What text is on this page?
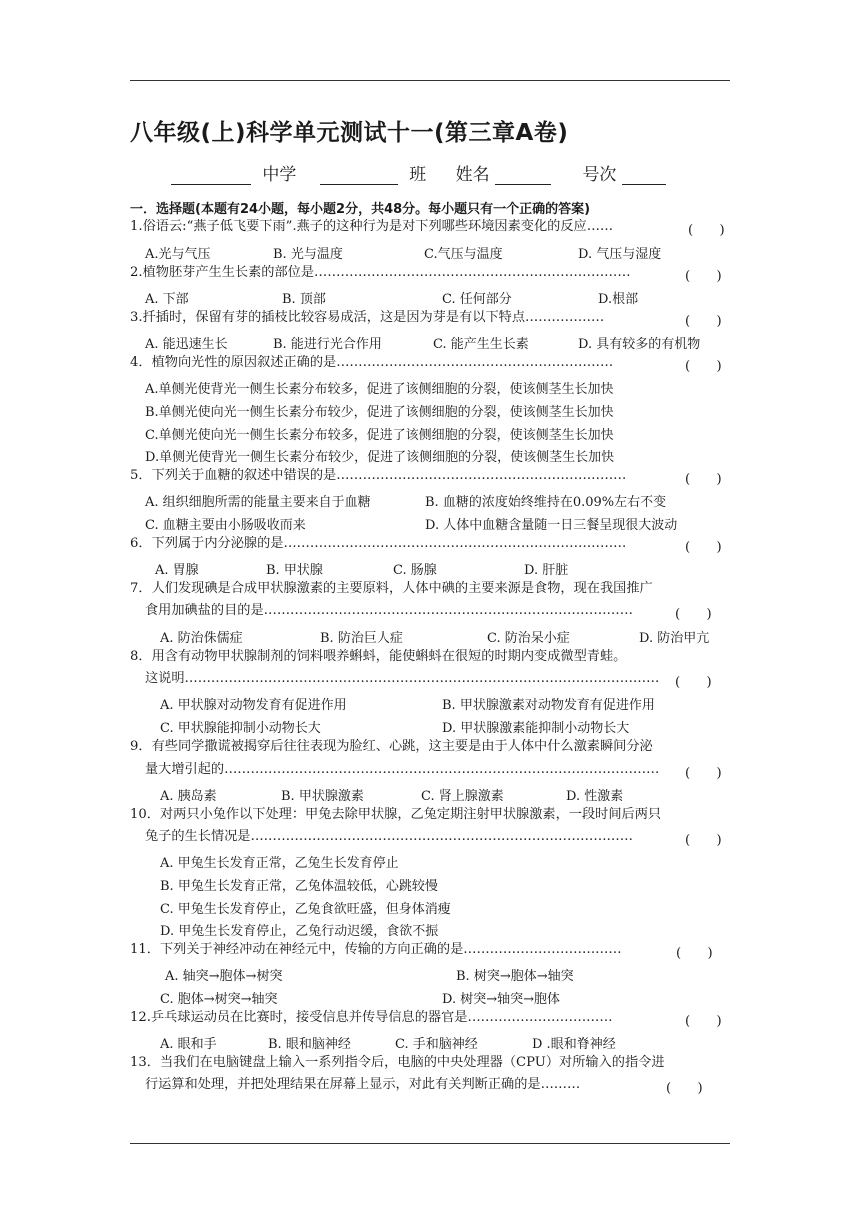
八年级(上)科学单元测试十一(第三章A卷)
中学	班 姓名	号次
一．选择题(本题有24小题，每小题2分，共48分。每小题只有一个正确的答案)
1.俗语云:“燕子低飞要下雨”.燕子的这种行为是对下列哪些环境因素变化的反应……	(　　)
A.光与气压	B. 光与温度	C.气压与温度	D. 气压与湿度
2.植物胚芽产生生长素的部位是………………………………………………………………	(　　)
A. 下部	B. 顶部	C. 任何部分	D.根部
3.扦插时，保留有芽的插枝比较容易成活，这是因为芽是有以下特点………………	(　　)
A. 能迅速生长	B. 能进行光合作用	C. 能产生生长素	D. 具有较多的有机物
4．植物向光性的原因叙述正确的是………………………………………………………	(　　)
A.单侧光使背光一侧生长素分布较多，促进了该侧细胞的分裂，使该侧茎生长加快
B.单侧光使向光一侧生长素分布较少，促进了该侧细胞的分裂，使该侧茎生长加快
C.单侧光使向光一侧生长素分布较多，促进了该侧细胞的分裂，使该侧茎生长加快
D.单侧光使背光一侧生长素分布较少，促进了该侧细胞的分裂，使该侧茎生长加快
5．下列关于血糖的叙述中错误的是…………………………………………………………	(　　)
A. 组织细胞所需的能量主要来自于血糖	B. 血糖的浓度始终维持在0.09%左右不变
C. 血糖主要由小肠吸收而来	D. 人体中血糖含量随一日三餐呈现很大波动
6．下列属于内分泌腺的是……………………………………………………………………	(　　)
A. 胃腺	B. 甲状腺	C. 肠腺	D. 肝脏
7．人们发现碘是合成甲状腺激素的主要原料，人体中碘的主要来源是食物，现在我国推广
食用加碘盐的目的是…………………………………………………………………………	(　　)
A. 防治侏儒症	B. 防治巨人症	C. 防治呆小症	D. 防治甲亢
8．用含有动物甲状腺制剂的饲料喂养蝌蚪，能使蝌蚪在很短的时期内变成微型青蛙。
这说明……………………………………………………………………………………………… (　　)
A. 甲状腺对动物发育有促进作用	B. 甲状腺激素对动物发育有促进作用
C. 甲状腺能抑制小动物长大	D. 甲状腺激素能抑制小动物长大
9．有些同学撒谎被揭穿后往往表现为脸红、心跳，这主要是由于人体中什么激素瞬间分泌
量大增引起的……………………………………………………………………………………… (　　)
A. 胰岛素	B. 甲状腺激素	C. 肾上腺激素	D. 性激素
10．对两只小兔作以下处理：甲兔去除甲状腺，乙兔定期注射甲状腺激素，一段时间后两只
兔子的生长情况是……………………………………………………………………………	(　　)
A. 甲兔生长发育正常，乙兔生长发育停止
B. 甲兔生长发育正常，乙兔体温较低，心跳较慢
C. 甲兔生长发育停止，乙兔食欲旺盛，但身体消瘦
D. 甲兔生长发育停止，乙兔行动迟缓，食欲不振
11．下列关于神经冲动在神经元中，传输的方向正确的是………………………………	(　　)
A. 轴突→胞体→树突	B. 树突→胞体→轴突
C. 胞体→树突→轴突	D. 树突→轴突→胞体
12.乒乓球运动员在比赛时，接受信息并传导信息的器官是……………………………	(　　)
A. 眼和手	B. 眼和脑神经	C. 手和脑神经	D .眼和脊神经
13．当我们在电脑键盘上输入一系列指令后，电脑的中央处理器（CPU）对所输入的指令进
行运算和处理，并把处理结果在屏幕上显示，对此有关判断正确的是………	(　　)
